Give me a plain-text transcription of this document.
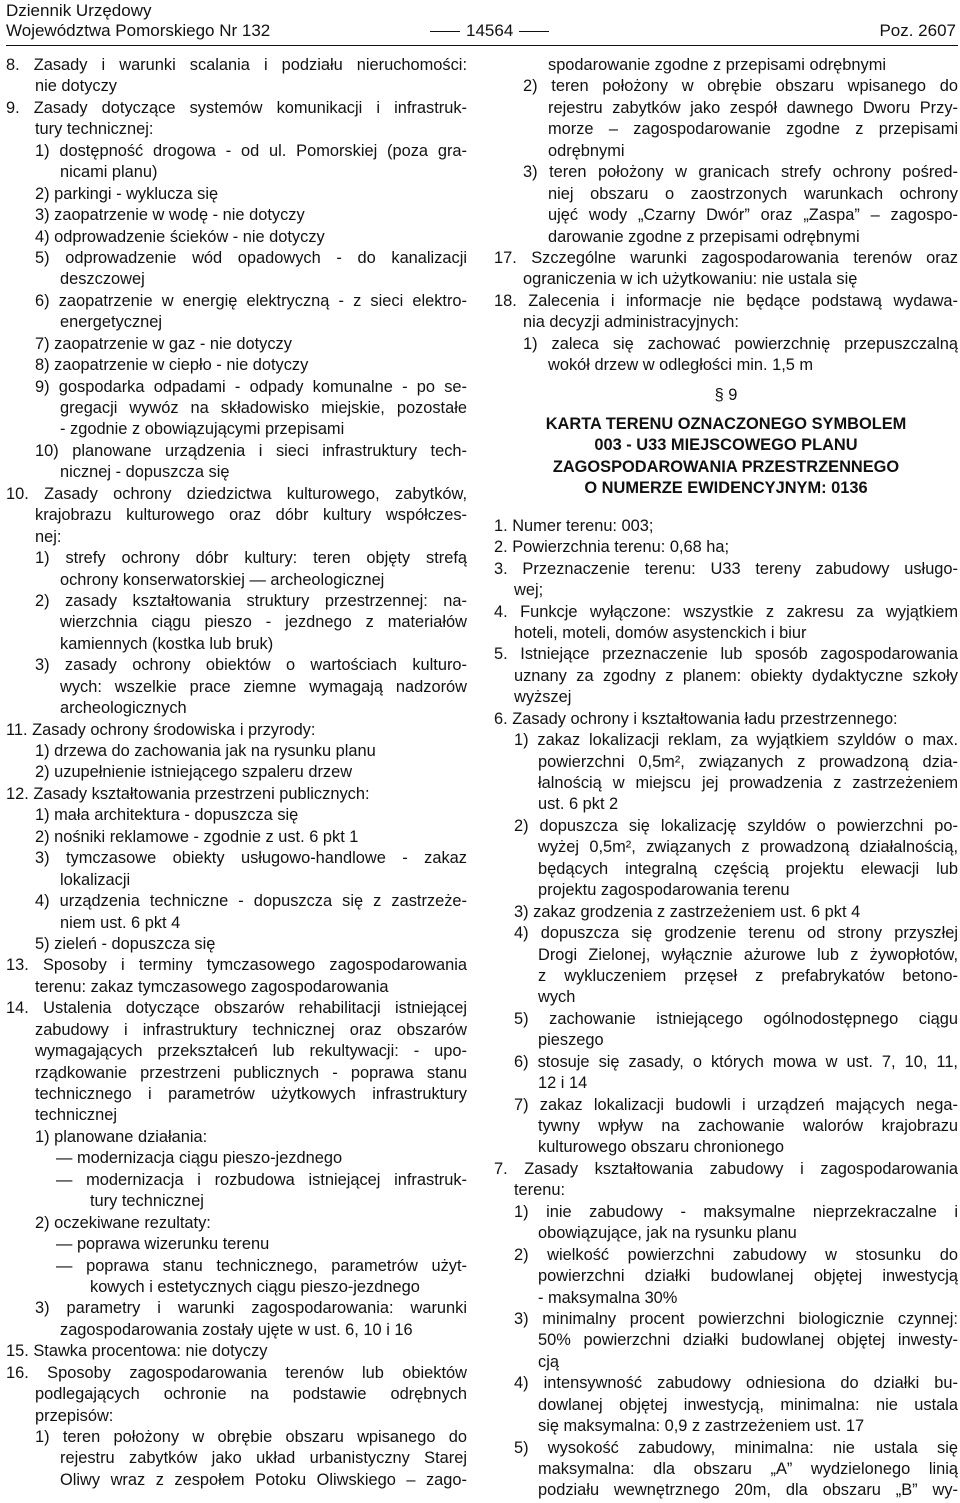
Dziennik Urzędowy
Województwa Pomorskiego Nr 132	14564	Poz. 2607
8. Zasady i warunki scalania i podziału nieruchomości:
nie dotyczy
9. Zasady dotyczące systemów komunikacji i infrastruk-
tury technicznej:
1) dostępność drogowa - od ul. Pomorskiej (poza gra-
nicami planu)
2) parkingi - wyklucza się
3) zaopatrzenie w wodę - nie dotyczy
4) odprowadzenie ścieków - nie dotyczy
5) odprowadzenie wód opadowych - do kanalizacji
deszczowej
6) zaopatrzenie w energię elektryczną - z sieci elektro-
energetycznej
7) zaopatrzenie w gaz - nie dotyczy
8) zaopatrzenie w ciepło - nie dotyczy
9) gospodarka odpadami - odpady komunalne - po se-
gregacji wywóz na składowisko miejskie, pozostałe
- zgodnie z obowiązującymi przepisami
10) planowane urządzenia i sieci infrastruktury tech-
nicznej - dopuszcza się
10. Zasady ochrony dziedzictwa kulturowego, zabytków,
krajobrazu kulturowego oraz dóbr kultury współczes-
nej:
1) strefy ochrony dóbr kultury: teren objęty strefą
ochrony konserwatorskiej — archeologicznej
2) zasady kształtowania struktury przestrzennej: na-
wierzchnia ciągu pieszo - jezdnego z materiałów
kamiennych (kostka lub bruk)
3) zasady ochrony obiektów o wartościach kulturo-
wych: wszelkie prace ziemne wymagają nadzorów
archeologicznych
11. Zasady ochrony środowiska i przyrody:
1) drzewa do zachowania jak na rysunku planu
2) uzupełnienie istniejącego szpaleru drzew
12. Zasady kształtowania przestrzeni publicznych:
1) mała architektura - dopuszcza się
2) nośniki reklamowe - zgodnie z ust. 6 pkt 1
3) tymczasowe obiekty usługowo-handlowe - zakaz
lokalizacji
4) urządzenia techniczne - dopuszcza się z zastrzeże-
niem ust. 6 pkt 4
5) zieleń - dopuszcza się
13. Sposoby i terminy tymczasowego zagospodarowania
terenu: zakaz tymczasowego zagospodarowania
14. Ustalenia dotyczące obszarów rehabilitacji istniejącej
zabudowy i infrastruktury technicznej oraz obszarów
wymagających przekształceń lub rekultywacji: - upo-
rządkowanie przestrzeni publicznych - poprawa stanu
technicznego i parametrów użytkowych infrastruktury
technicznej
1) planowane działania:
— modernizacja ciągu pieszo-jezdnego
— modernizacja i rozbudowa istniejącej infrastruk-
tury technicznej
2) oczekiwane rezultaty:
— poprawa wizerunku terenu
— poprawa stanu technicznego, parametrów użyt-
kowych i estetycznych ciągu pieszo-jezdnego
3) parametry i warunki zagospodarowania: warunki
zagospodarowania zostały ujęte w ust. 6, 10 i 16
15. Stawka procentowa: nie dotyczy
16. Sposoby zagospodarowania terenów lub obiektów
podlegających ochronie na podstawie odrębnych
przepisów:
1) teren położony w obrębie obszaru wpisanego do
rejestru zabytków jako układ urbanistyczny Starej
Oliwy wraz z zespołem Potoku Oliwskiego – zago-
spodarowanie zgodne z przepisami odrębnymi
2) teren położony w obrębie obszaru wpisanego do
rejestru zabytków jako zespół dawnego Dworu Przy-
morze – zagospodarowanie zgodne z przepisami
odrębnymi
3) teren położony w granicach strefy ochrony pośred-
niej obszaru o zaostrzonych warunkach ochrony
ujęć wody „Czarny Dwór” oraz „Zaspa” – zagospo-
darowanie zgodne z przepisami odrębnymi
17. Szczególne warunki zagospodarowania terenów oraz
ograniczenia w ich użytkowaniu: nie ustala się
18. Zalecenia i informacje nie będące podstawą wydawa-
nia decyzji administracyjnych:
1) zaleca się zachować powierzchnię przepuszczalną
wokół drzew w odległości min. 1,5 m
§ 9
KARTA TERENU OZNACZONEGO SYMBOLEM
003 - U33 MIEJSCOWEGO PLANU
ZAGOSPODAROWANIA PRZESTRZENNEGO
O NUMERZE EWIDENCYJNYM: 0136
1. Numer terenu: 003;
2. Powierzchnia terenu: 0,68 ha;
3. Przeznaczenie terenu: U33 tereny zabudowy usługo-
wej;
4. Funkcje wyłączone: wszystkie z zakresu za wyjątkiem
hoteli, moteli, domów asystenckich i biur
5. Istniejące przeznaczenie lub sposób zagospodarowania
uznany za zgodny z planem: obiekty dydaktyczne szkoły
wyższej
6. Zasady ochrony i kształtowania ładu przestrzennego:
1) zakaz lokalizacji reklam, za wyjątkiem szyldów o max.
powierzchni 0,5m², związanych z prowadzoną dzia-
łalnością w miejscu jej prowadzenia z zastrzeżeniem
ust. 6 pkt 2
2) dopuszcza się lokalizację szyldów o powierzchni po-
wyżej 0,5m², związanych z prowadzoną działalnością,
będących integralną częścią projektu elewacji lub
projektu zagospodarowania terenu
3) zakaz grodzenia z zastrzeżeniem ust. 6 pkt 4
4) dopuszcza się grodzenie terenu od strony przyszłej
Drogi Zielonej, wyłącznie ażurowe lub z żywopłotów,
z wykluczeniem przęseł z prefabrykatów betono-
wych
5) zachowanie istniejącego ogólnodostępnego ciągu
pieszego
6) stosuje się zasady, o których mowa w ust. 7, 10, 11,
12 i 14
7) zakaz lokalizacji budowli i urządzeń mających nega-
tywny wpływ na zachowanie walorów krajobrazu
kulturowego obszaru chronionego
7. Zasady kształtowania zabudowy i zagospodarowania
terenu:
1) inie zabudowy - maksymalne nieprzekraczalne i
obowiązujące, jak na rysunku planu
2) wielkość powierzchni zabudowy w stosunku do
powierzchni działki budowlanej objętej inwestycją
- maksymalna 30%
3) minimalny procent powierzchni biologicznie czynnej:
50% powierzchni działki budowlanej objętej inwesty-
cją
4) intensywność zabudowy odniesiona do działki bu-
dowlanej objętej inwestycją, minimalna: nie ustala
się maksymalna: 0,9 z zastrzeżeniem ust. 17
5) wysokość zabudowy, minimalna: nie ustala się
maksymalna: dla obszaru „A” wydzielonego linią
podziału wewnętrznego 20m, dla obszaru „B” wy-
